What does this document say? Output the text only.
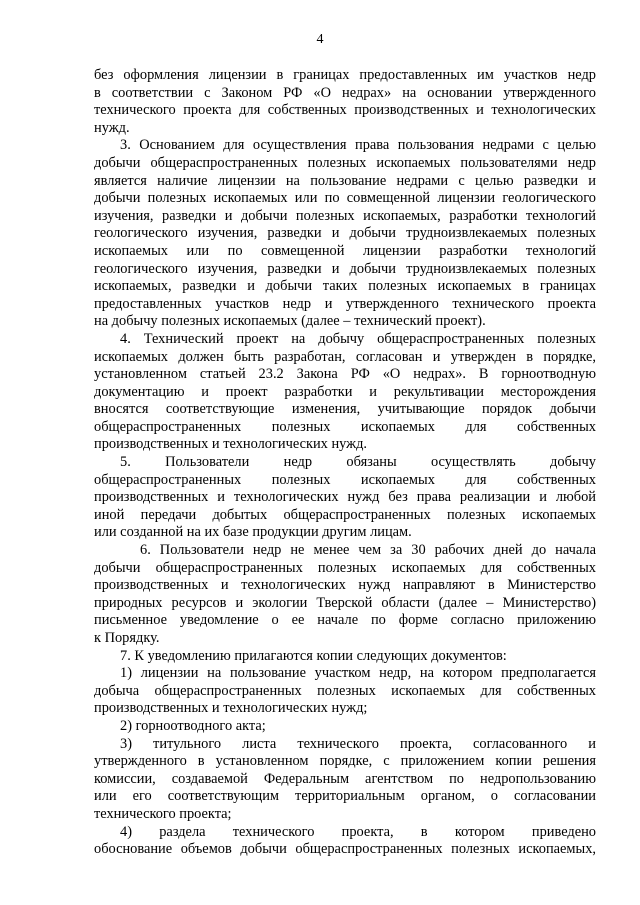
4
без оформления лицензии в границах предоставленных им участков недр
в соответствии с Законом РФ «О недрах» на основании утвержденного
технического проекта для собственных производственных и технологических
нужд.
3. Основанием для осуществления права пользования недрами с целью
добычи общераспространенных полезных ископаемых пользователями недр
является наличие лицензии на пользование недрами с целью разведки и
добычи полезных ископаемых или по совмещенной лицензии геологического
изучения, разведки и добычи полезных ископаемых, разработки технологий
геологического изучения, разведки и добычи трудноизвлекаемых полезных
ископаемых или по совмещенной лицензии разработки технологий
геологического изучения, разведки и добычи трудноизвлекаемых полезных
ископаемых, разведки и добычи таких полезных ископаемых в границах
предоставленных участков недр и утвержденного технического проекта
на добычу полезных ископаемых (далее – технический проект).
4. Технический проект на добычу общераспространенных полезных
ископаемых должен быть разработан, согласован и утвержден в порядке,
установленном статьей 23.2 Закона РФ «О недрах». В горноотводную
документацию и проект разработки и рекультивации месторождения
вносятся соответствующие изменения, учитывающие порядок добычи
общераспространенных полезных ископаемых для собственных
производственных и технологических нужд.
5. Пользователи недр обязаны осуществлять добычу
общераспространенных полезных ископаемых для собственных
производственных и технологических нужд без права реализации и любой
иной передачи добытых общераспространенных полезных ископаемых
или созданной на их базе продукции другим лицам.
6. Пользователи недр не менее чем за 30 рабочих дней до начала
добычи общераспространенных полезных ископаемых для собственных
производственных и технологических нужд направляют в Министерство
природных ресурсов и экологии Тверской области (далее – Министерство)
письменное уведомление о ее начале по форме согласно приложению
к Порядку.
7. К уведомлению прилагаются копии следующих документов:
1) лицензии на пользование участком недр, на котором предполагается
добыча общераспространенных полезных ископаемых для собственных
производственных и технологических нужд;
2) горноотводного акта;
3) титульного листа технического проекта, согласованного и
утвержденного в установленном порядке, с приложением копии решения
комиссии, создаваемой Федеральным агентством по недропользованию
или его соответствующим территориальным органом, о согласовании
технического проекта;
4) раздела технического проекта, в котором приведено
обоснование объемов добычи общераспространенных полезных ископаемых,
